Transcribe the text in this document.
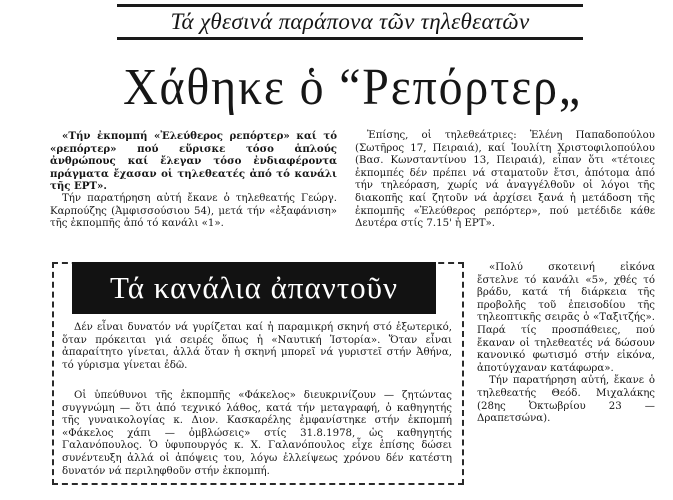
Τά χθεσινά παράπονα τῶν τηλεθεατῶν
Χάθηκε ὁ “Ρεπόρτερ„

«Τήν ἐκπομπή «Ἐλεύθερος ρεπόρτερ» καί τό «ρεπόρτερ» πού εὕρισκε τόσο ἁπλούς ἀνθρώπους καί ἔλεγαν τόσο ἐνδιαφέροντα πράγματα ἔχασαν οἱ τηλεθεατές ἀπό τό κανάλι τῆς ΕΡΤ».

Τήν παρατήρηση αὐτή ἔκανε ὁ τηλεθεατής Γεώργ. Καρπούζης (Ἀμφισσούσιου 54), μετά τήν «ἐξαφάνιση» τῆς ἐκπομπῆς ἀπό τό κανάλι «1».

Ἐπίσης, οἱ τηλεθεάτριες: Ἑλένη Παπαδοπούλου (Σωτῆρος 17, Πειραιά), καί Ἰουλίτη Χριστοφιλοπούλου (Βασ. Κωνσταντίνου 13, Πειραιά), εἶπαν ὅτι «τέτοιες ἐκπομπές δέν πρέπει νά σταματοῦν ἔτσι, ἀπότομα ἀπό τήν τηλεόραση, χωρίς νά ἀναγγέλθοῦν οἱ λόγοι τῆς διακοπῆς καί ζητοῦν νά ἀρχίσει ξανά ἡ μετάδοση τῆς ἐκπομπῆς «Ἐλεύθερος ρεπόρτερ», πού μετέδιδε κάθε Δευτέρα στίς 7.15' ἡ ΕΡΤ».

Τά κανάλια ἀπαντοῦν

Δέν εἶναι δυνατόν νά γυρίζεται καί ἡ παραμικρή σκηνή στό ἐξωτερικό, ὅταν πρόκειται γιά σειρές ὅπως ἡ «Ναυτική Ἱστορία». Ὅταν εἶναι ἀπαραίτητο γίνεται, ἀλλά ὅταν ἡ σκηνή μπορεῖ νά γυριστεῖ στήν Ἀθήνα, τό γύρισμα γίνεται ἐδῶ.

Οἱ ὑπεύθυνοι τῆς ἐκπομπῆς «Φάκελος» διευκρινίζουν — ζητώντας συγγνώμη — ὅτι ἀπό τεχνικό λάθος, κατά τήν μεταγραφή, ὁ καθηγητής τῆς γυναικολογίας κ. Διον. Κασκαρέλης ἐμφανίστηκε στήν ἐκπομπή «Φάκελος χάπι — ὀμβλώσεις» στίς 31.8.1978, ὡς καθηγητής Γαλανόπουλος. Ὁ ὑφυπουργός κ. Χ. Γαλανόπουλος εἶχε ἐπίσης δώσει συνέντευξη ἀλλά οἱ ἀπόψεις του, λόγω ἐλλείψεως χρόνου δέν κατέστη δυνατόν νά περιληφθοῦν στήν ἐκπομπή.

«Πολύ σκοτεινή εἰκόνα ἔστελνε τό κανάλι «5», χθές τό βράδυ, κατά τή διάρκεια τῆς προβολῆς τοῦ ἐπεισοδίου τῆς τηλεοπτικῆς σειρᾶς ὁ «Ταξιτζής». Παρά τίς προσπάθειες, πού ἔκαναν οἱ τηλεθεατές νά δώσουν κανονικό φωτισμό στήν εἰκόνα, ἀποτύγχαναν κατάφωρα».

Τήν παρατήρηση αὐτή, ἔκανε ὁ τηλεθεατής Θεόδ. Μιχαλάκης (28ης Ὀκτωβρίου 23 — Δραπετσώνα).
